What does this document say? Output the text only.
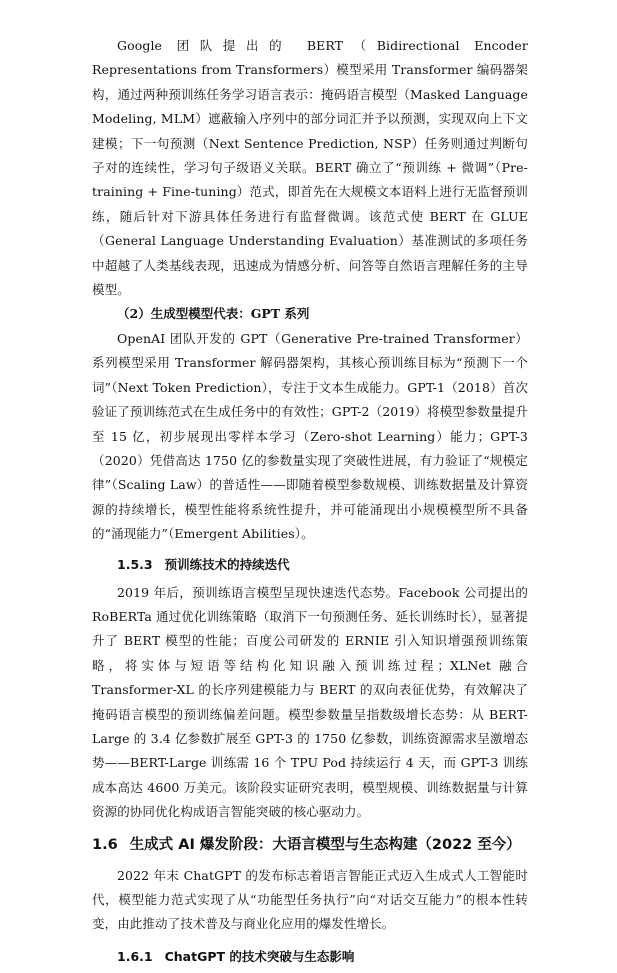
Google 团队提出的 BERT（Bidirectional Encoder Representations from Transformers）模型采用 Transformer 编码器架构，通过两种预训练任务学习语言表示：掩码语言模型（Masked Language Modeling, MLM）遮蔽输入序列中的部分词汇并予以预测，实现双向上下文建模；下一句预测（Next Sentence Prediction, NSP）任务则通过判断句子对的连续性，学习句子级语义关联。BERT 确立了“预训练 + 微调”（Pre-training + Fine-tuning）范式，即首先在大规模文本语料上进行无监督预训练，随后针对下游具体任务进行有监督微调。该范式使 BERT 在 GLUE（General Language Understanding Evaluation）基准测试的多项任务中超越了人类基线表现，迅速成为情感分析、问答等自然语言理解任务的主导模型。

（2）生成型模型代表：GPT 系列

OpenAI 团队开发的 GPT（Generative Pre-trained Transformer）系列模型采用 Transformer 解码器架构，其核心预训练目标为“预测下一个词”（Next Token Prediction），专注于文本生成能力。GPT-1（2018）首次验证了预训练范式在生成任务中的有效性；GPT-2（2019）将模型参数量提升至 15 亿，初步展现出零样本学习（Zero-shot Learning）能力；GPT-3（2020）凭借高达 1750 亿的参数量实现了突破性进展，有力验证了“规模定律”（Scaling Law）的普适性——即随着模型参数规模、训练数据量及计算资源的持续增长，模型性能将系统性提升，并可能涌现出小规模模型所不具备的“涌现能力”（Emergent Abilities）。

1.5.3 预训练技术的持续迭代

2019 年后，预训练语言模型呈现快速迭代态势。Facebook 公司提出的 RoBERTa 通过优化训练策略（取消下一句预测任务、延长训练时长），显著提升了 BERT 模型的性能；百度公司研发的 ERNIE 引入知识增强预训练策略，将实体与短语等结构化知识融入预训练过程；XLNet 融合 Transformer-XL 的长序列建模能力与 BERT 的双向表征优势，有效解决了掩码语言模型的预训练偏差问题。模型参数量呈指数级增长态势：从 BERT-Large 的 3.4 亿参数扩展至 GPT-3 的 1750 亿参数，训练资源需求呈激增态势——BERT-Large 训练需 16 个 TPU Pod 持续运行 4 天，而 GPT-3 训练成本高达 4600 万美元。该阶段实证研究表明，模型规模、训练数据量与计算资源的协同优化构成语言智能突破的核心驱动力。

1.6 生成式 AI 爆发阶段：大语言模型与生态构建（2022 至今）

2022 年末 ChatGPT 的发布标志着语言智能正式迈入生成式人工智能时代，模型能力范式实现了从“功能型任务执行”向“对话交互能力”的根本性转变，由此推动了技术普及与商业化应用的爆发性增长。

1.6.1 ChatGPT 的技术突破与生态影响
